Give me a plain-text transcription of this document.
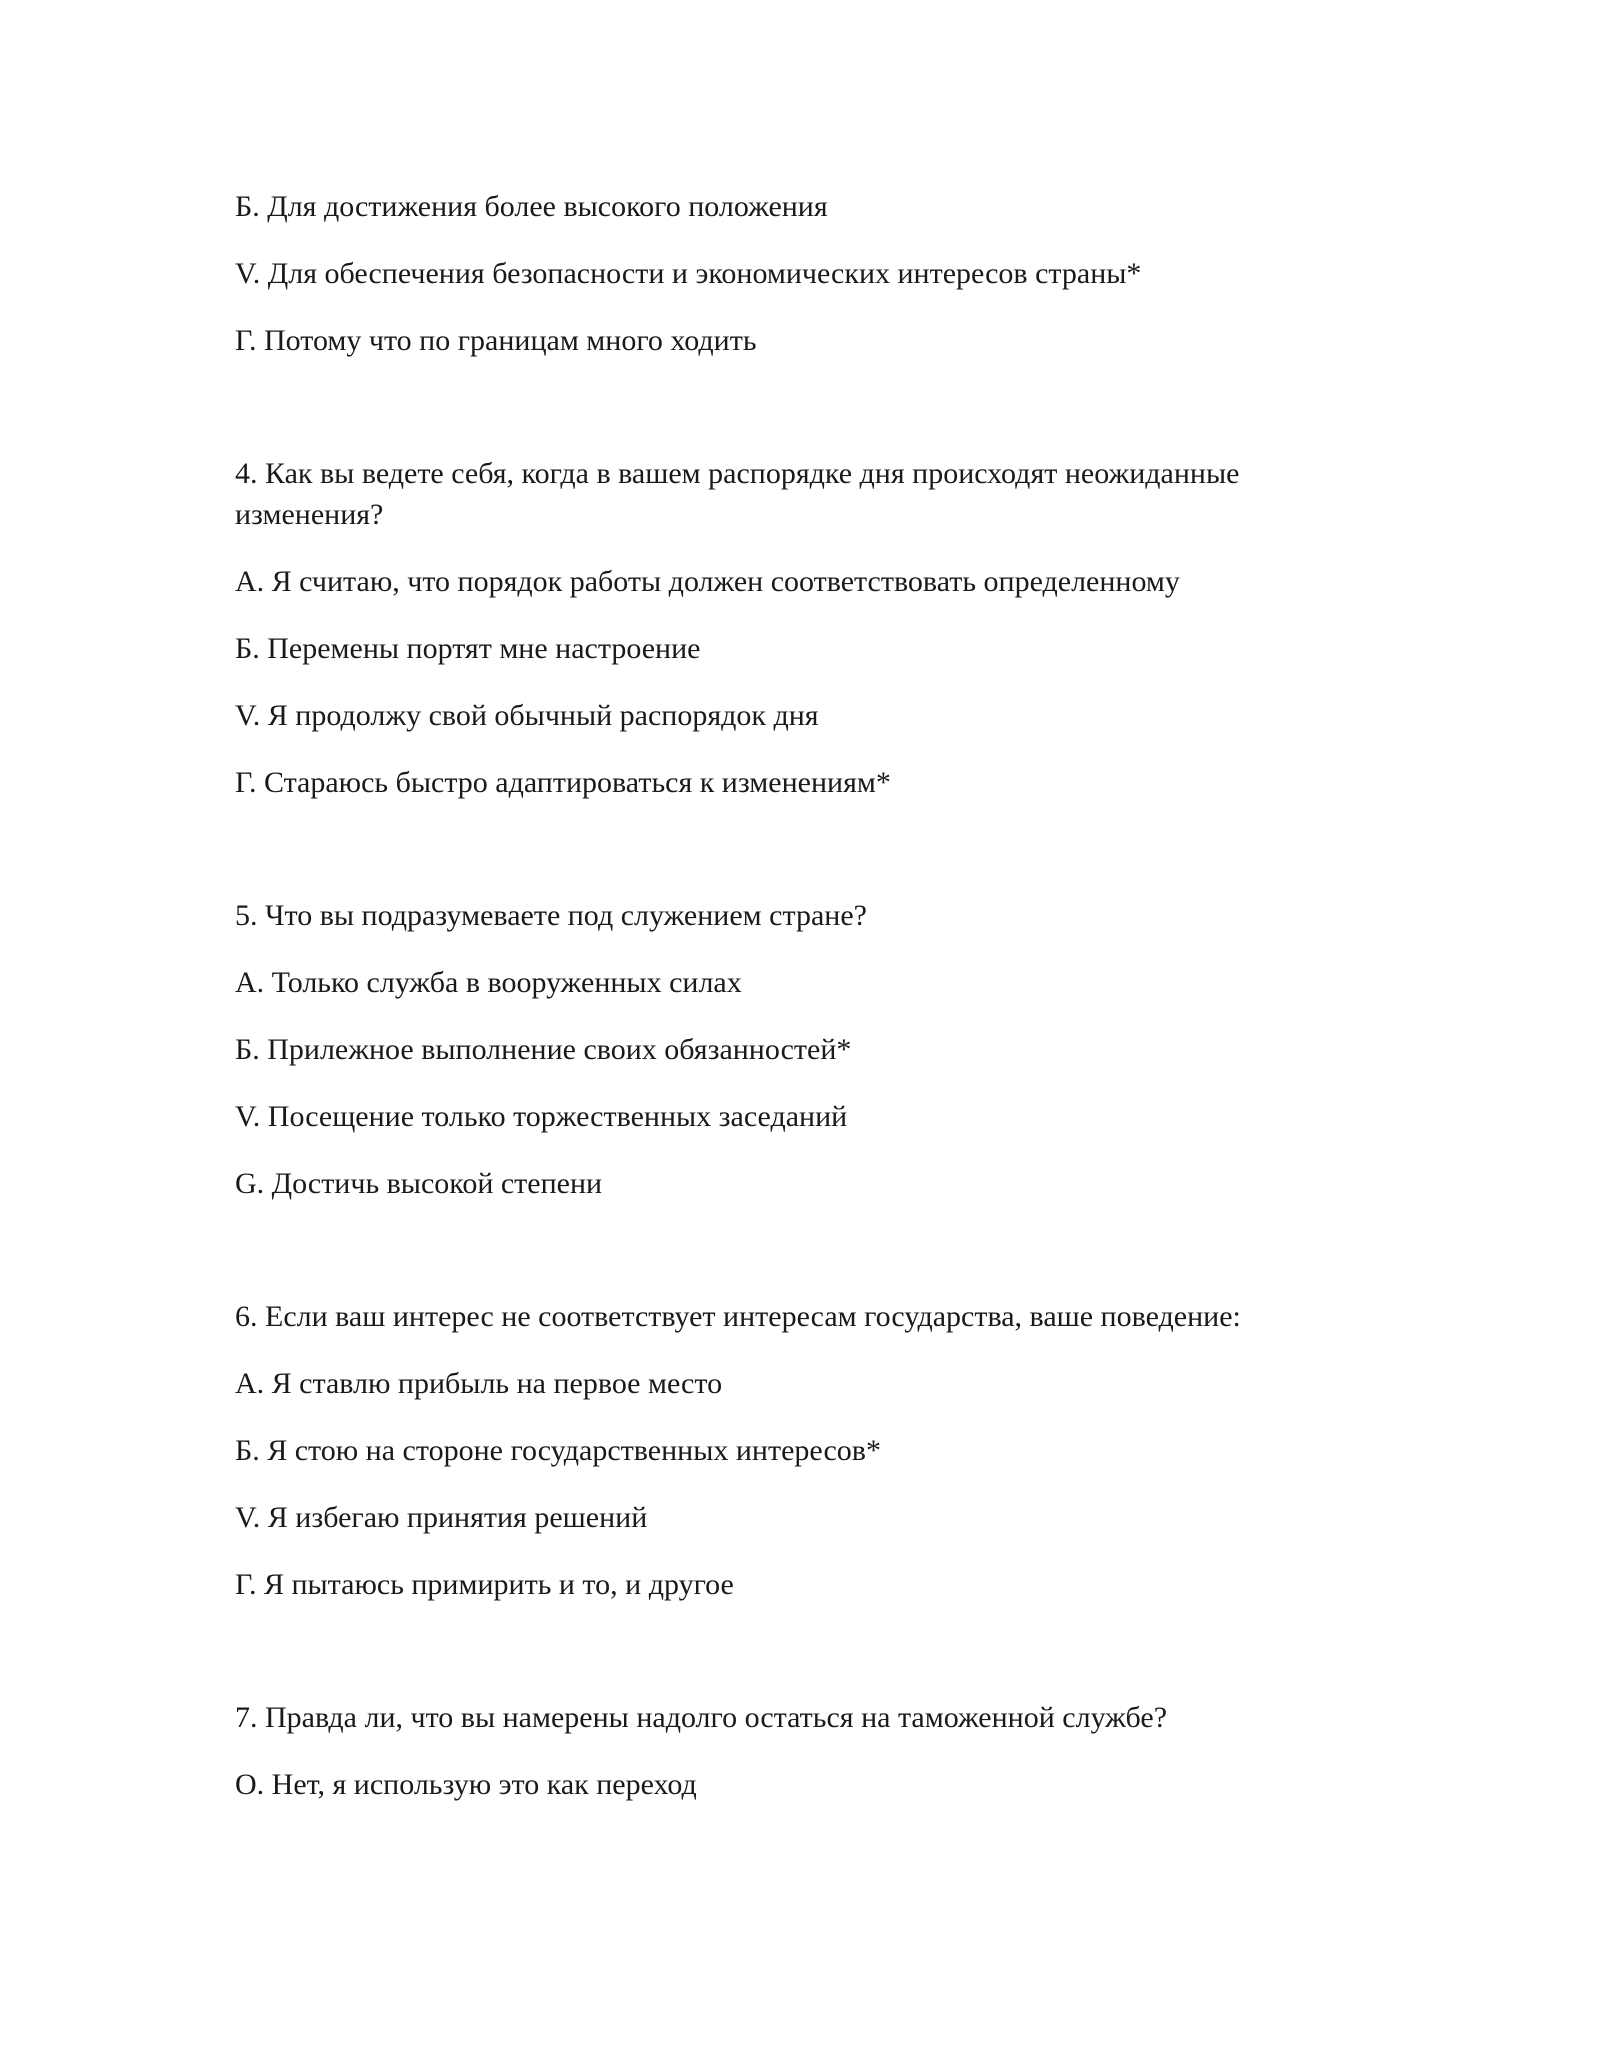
Б. Для достижения более высокого положения

V. Для обеспечения безопасности и экономических интересов страны*

Г. Потому что по границам много ходить

4. Как вы ведете себя, когда в вашем распорядке дня происходят неожиданные изменения?

А. Я считаю, что порядок работы должен соответствовать определенному

Б. Перемены портят мне настроение

V. Я продолжу свой обычный распорядок дня

Г. Стараюсь быстро адаптироваться к изменениям*

5. Что вы подразумеваете под служением стране?

А. Только служба в вооруженных силах

Б. Прилежное выполнение своих обязанностей*

V. Посещение только торжественных заседаний

G. Достичь высокой степени

6. Если ваш интерес не соответствует интересам государства, ваше поведение:

А. Я ставлю прибыль на первое место

Б. Я стою на стороне государственных интересов*

V. Я избегаю принятия решений

Г. Я пытаюсь примирить и то, и другое

7. Правда ли, что вы намерены надолго остаться на таможенной службе?

О. Нет, я использую это как переход
